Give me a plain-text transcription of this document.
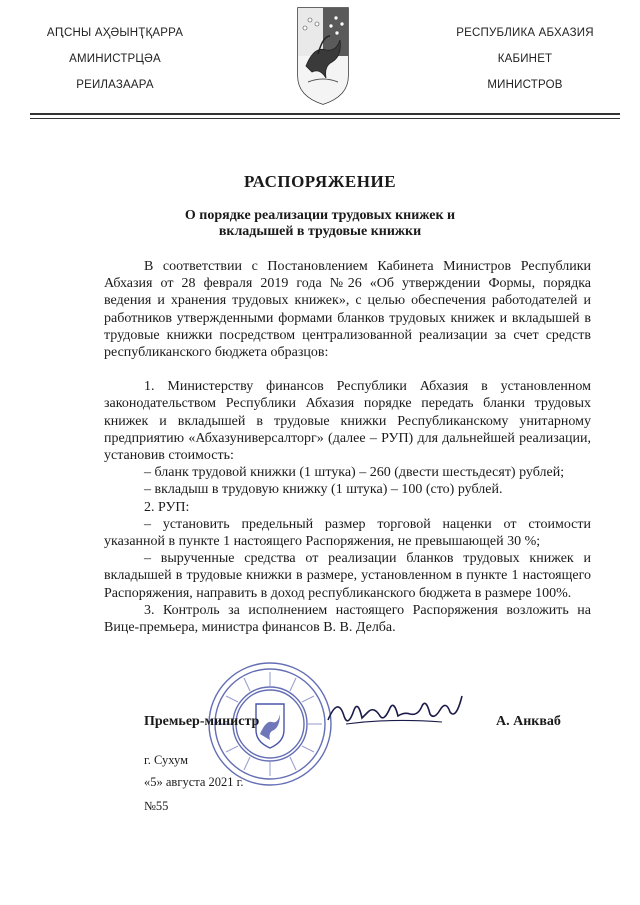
АԤСНЫ АҲӘЫНҬҚАРРА
АМИНИСТРЦӘА
РЕИЛАЗААРА
РЕСПУБЛИКА АБХАЗИЯ
КАБИНЕТ
МИНИСТРОВ
РАСПОРЯЖЕНИЕ
О порядке реализации трудовых книжек и
вкладышей в трудовые книжки

В соответствии с Постановлением Кабинета Министров Республики Абхазия от 28 февраля 2019 года №26 «Об утверждении Формы, порядка ведения и хранения трудовых книжек», с целью обеспечения работодателей и работников утвержденными формами бланков трудовых книжек и вкладышей в трудовые книжки посредством централизованной реализации за счет средств республиканского бюджета образцов:

1. Министерству финансов Республики Абхазия в установленном законодательством Республики Абхазия порядке передать бланки трудовых книжек и вкладышей в трудовые книжки Республиканскому унитарному предприятию «Абхазуниверсалторг» (далее – РУП) для дальнейшей реализации, установив стоимость:

– бланк трудовой книжки (1 штука) – 260 (двести шестьдесят) рублей;

– вкладыш в трудовую книжку (1 штука) – 100 (сто) рублей.

2. РУП:

– установить предельный размер торговой наценки от стоимости указанной в пункте 1 настоящего Распоряжения, не превышающей 30 %;

– вырученные средства от реализации бланков трудовых книжек и вкладышей в трудовые книжки в размере, установленном в пункте 1 настоящего Распоряжения, направить в доход республиканского бюджета в размере 100%.

3. Контроль за исполнением настоящего Распоряжения возложить на Вице-премьера, министра финансов В. В. Делба.

Премьер-министр	А. Анкваб
г. Сухум
«5» августа 2021 г.
№55
